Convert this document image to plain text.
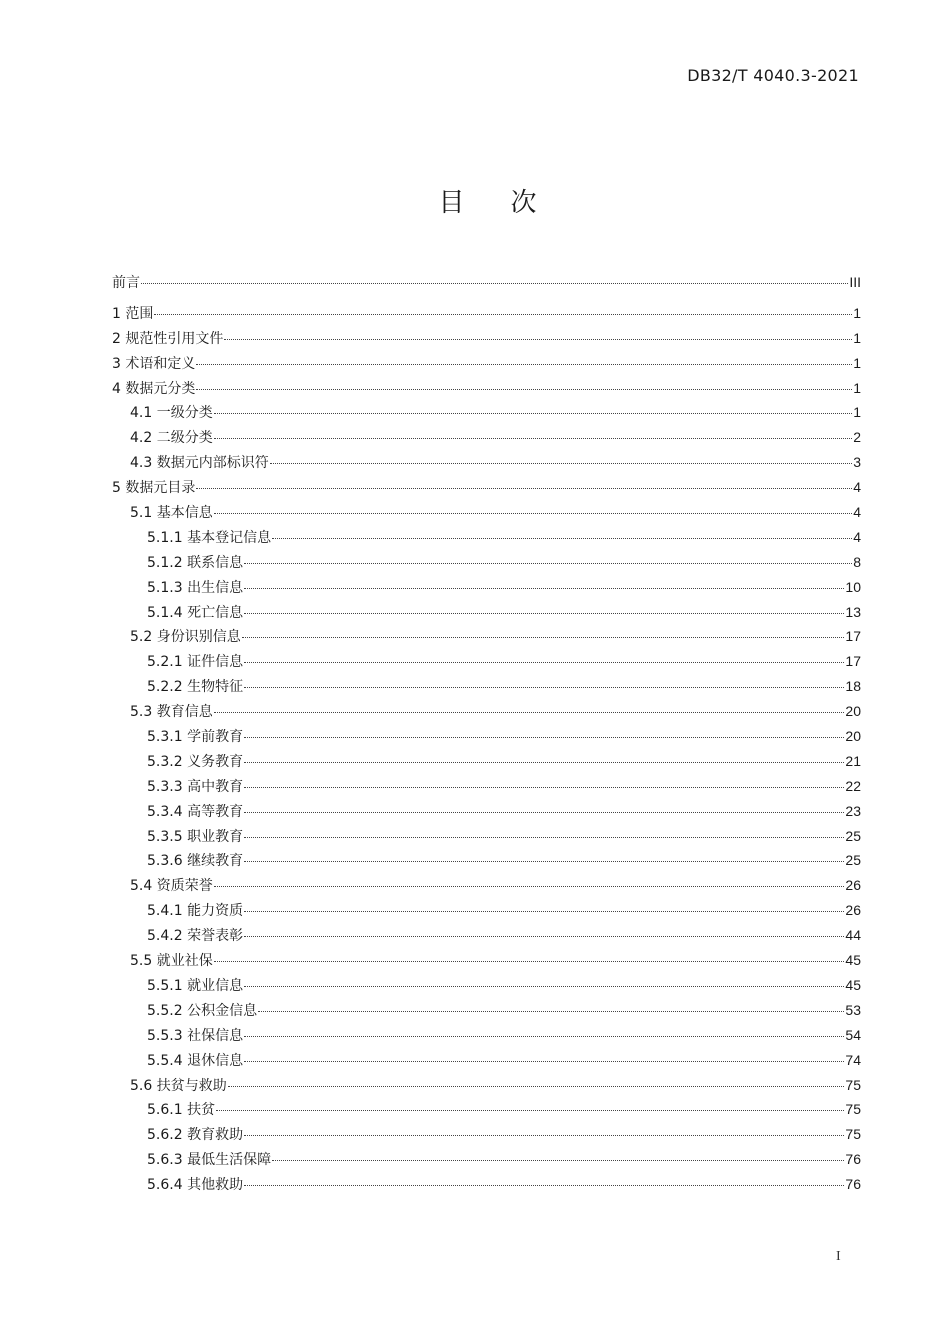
DB32/T 4040.3-2021
目 次
前言	III
1 范围	1
2 规范性引用文件	1
3 术语和定义	1
4 数据元分类	1
4.1 一级分类	1
4.2 二级分类	2
4.3 数据元内部标识符	3
5 数据元目录	4
5.1 基本信息	4
5.1.1 基本登记信息	4
5.1.2 联系信息	8
5.1.3 出生信息	10
5.1.4 死亡信息	13
5.2 身份识别信息	17
5.2.1 证件信息	17
5.2.2 生物特征	18
5.3 教育信息	20
5.3.1 学前教育	20
5.3.2 义务教育	21
5.3.3 高中教育	22
5.3.4 高等教育	23
5.3.5 职业教育	25
5.3.6 继续教育	25
5.4 资质荣誉	26
5.4.1 能力资质	26
5.4.2 荣誉表彰	44
5.5 就业社保	45
5.5.1 就业信息	45
5.5.2 公积金信息	53
5.5.3 社保信息	54
5.5.4 退休信息	74
5.6 扶贫与救助	75
5.6.1 扶贫	75
5.6.2 教育救助	75
5.6.3 最低生活保障	76
5.6.4 其他救助	76
I
